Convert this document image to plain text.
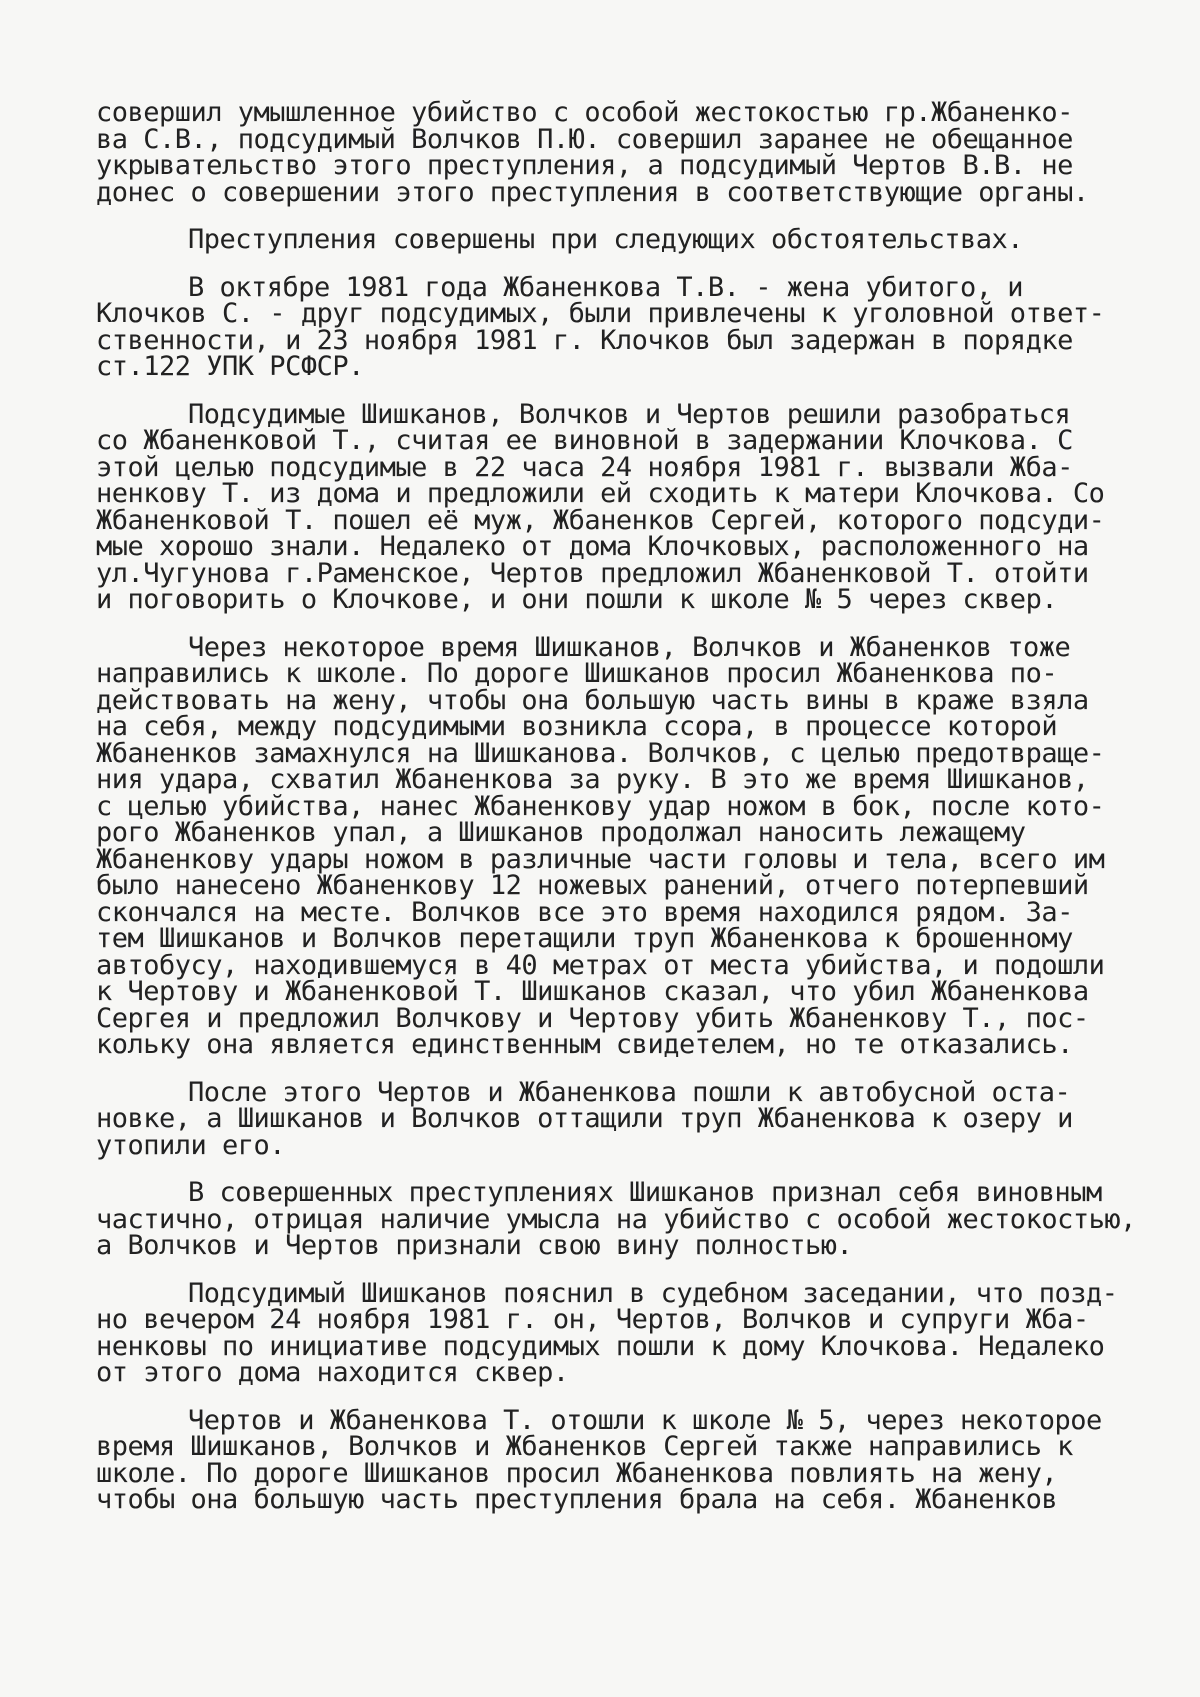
совершил умышленное убийство с особой жестокостью гр.Жбаненко-
ва С.В., подсудимый Волчков П.Ю. совершил заранее не обещанное
укрывательство этого преступления, а подсудимый Чертов В.В. не
донес о совершении этого преступления в соответствующие органы.
Преступления совершены при следующих обстоятельствах.
В октябре 1981 года Жбаненкова Т.В. - жена убитого, и
Клочков С. - друг подсудимых, были привлечены к уголовной ответ-
ственности, и 23 ноября 1981 г. Клочков был задержан в порядке
ст.122 УПК РСФСР.
Подсудимые Шишканов, Волчков и Чертов решили разобраться
со Жбаненковой Т., считая ее виновной в задержании Клочкова. С
этой целью подсудимые в 22 часа 24 ноября 1981 г. вызвали Жба-
ненкову Т. из дома и предложили ей сходить к матери Клочкова. Со
Жбаненковой Т. пошел её муж, Жбаненков Сергей, которого подсуди-
мые хорошо знали. Недалеко от дома Клочковых, расположенного на
ул.Чугунова г.Раменское, Чертов предложил Жбаненковой Т. отойти
и поговорить о Клочкове, и они пошли к школе № 5 через сквер.
Через некоторое время Шишканов, Волчков и Жбаненков тоже
направились к школе. По дороге Шишканов просил Жбаненкова по-
действовать на жену, чтобы она большую часть вины в краже взяла
на себя, между подсудимыми возникла ссора, в процессе которой
Жбаненков замахнулся на Шишканова. Волчков, с целью предотвраще-
ния удара, схватил Жбаненкова за руку. В это же время Шишканов,
с целью убийства, нанес Жбаненкову удар ножом в бок, после кото-
рого Жбаненков упал, а Шишканов продолжал наносить лежащему
Жбаненкову удары ножом в различные части головы и тела, всего им
было нанесено Жбаненкову 12 ножевых ранений, отчего потерпевший
скончался на месте. Волчков все это время находился рядом. За-
тем Шишканов и Волчков перетащили труп Жбаненкова к брошенному
автобусу, находившемуся в 40 метрах от места убийства, и подошли
к Чертову и Жбаненковой Т. Шишканов сказал, что убил Жбаненкова
Сергея и предложил Волчкову и Чертову убить Жбаненкову Т., пос-
кольку она является единственным свидетелем, но те отказались.
После этого Чертов и Жбаненкова пошли к автобусной оста-
новке, а Шишканов и Волчков оттащили труп Жбаненкова к озеру и
утопили его.
В совершенных преступлениях Шишканов признал себя виновным
частично, отрицая наличие умысла на убийство с особой жестокостью,
а Волчков и Чертов признали свою вину полностью.
Подсудимый Шишканов пояснил в судебном заседании, что позд-
но вечером 24 ноября 1981 г. он, Чертов, Волчков и супруги Жба-
ненковы по инициативе подсудимых пошли к дому Клочкова. Недалеко
от этого дома находится сквер.
Чертов и Жбаненкова Т. отошли к школе № 5, через некоторое
время Шишканов, Волчков и Жбаненков Сергей также направились к
школе. По дороге Шишканов просил Жбаненкова повлиять на жену,
чтобы она большую часть преступления брала на себя. Жбаненков
